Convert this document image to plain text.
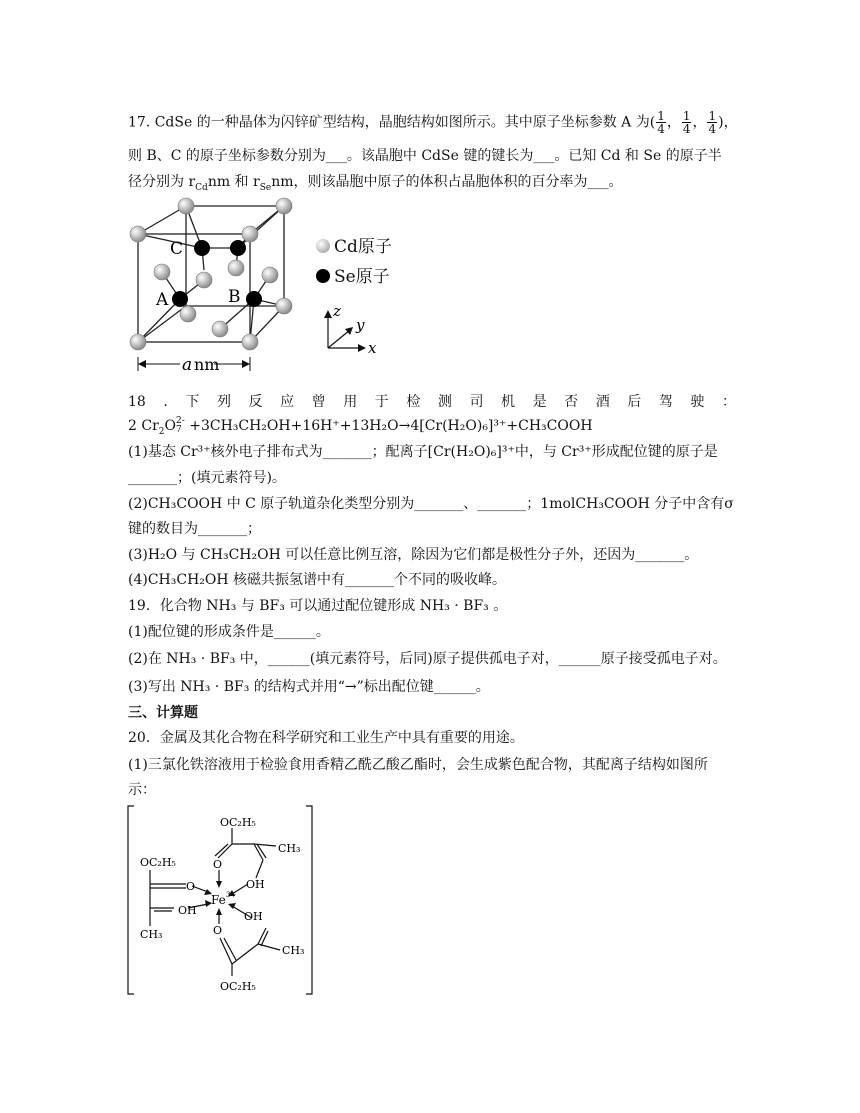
17. CdSe 的一种晶体为闪锌矿型结构，晶胞结构如图所示。其中原子坐标参数 A 为( $\frac{1}{4}$ ， $\frac{1}{4}$ ， $\frac{1}{4}$ )，
则 B、C 的原子坐标参数分别为___。该晶胞中 CdSe 键的键长为___。已知 Cd 和 Se 的原子半
径分别为 $r_{Cd}nm$ 和 $r_{Se}nm$，则该晶胞中原子的体积占晶胞体积的百分率为___。
C
A	B
a nm
Cd原子
Se原子
z
y
x
18 . 下 列 反 应 曾 用 于 检 测 司 机 是 否 酒 后 驾 驶 ：
2 $Cr_2O$ 2-
7 +3CH₃CH₂OH+16H⁺+13H₂O→4[Cr(H₂O)₆]³⁺+CH₃COOH
(1)基态 Cr³⁺核外电子排布式为_______；配离子[Cr(H₂O)₆]³⁺中，与 Cr³⁺形成配位键的原子是
_______；(填元素符号)。
(2)CH₃COOH 中 C 原子轨道杂化类型分别为_______、_______；1molCH₃COOH 分子中含有σ
键的数目为_______；
(3)H₂O 与 CH₃CH₂OH 可以任意比例互溶，除因为它们都是极性分子外，还因为_______。
(4)CH₃CH₂OH 核磁共振氢谱中有_______个不同的吸收峰。
19．化合物 NH₃ 与 BF₃ 可以通过配位键形成 NH₃ · BF₃ 。
(1)配位键的形成条件是______。
(2)在 NH₃ · BF₃ 中，______(填元素符号，后同)原子提供孤电子对，______原子接受孤电子对。
(3)写出 NH₃ · BF₃ 的结构式并用“→”标出配位键______。
三、计算题
20．金属及其化合物在科学研究和工业生产中具有重要的用途。
(1)三氯化铁溶液用于检验食用香精乙酰乙酸乙酯时，会生成紫色配合物，其配离子结构如图所
示：
OC₂H₅
CH₃
O
OH
OC₂H₅
O
OH
CH₃
OH
O
CH₃
OC₂H₅
Fe 3+
